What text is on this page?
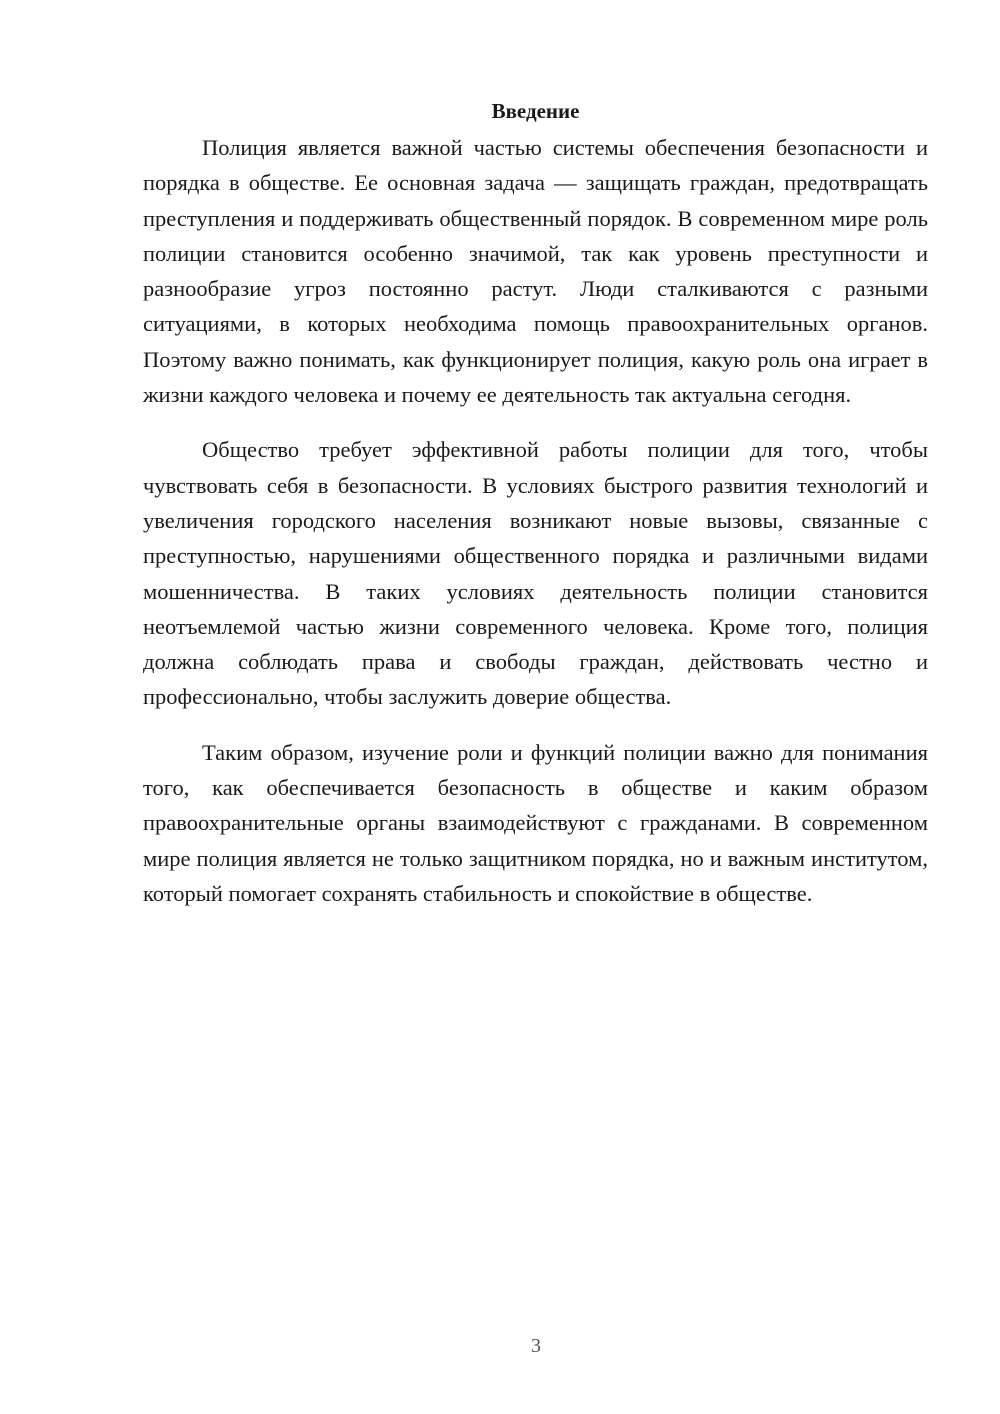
Введение

Полиция является важной частью системы обеспечения безопасности и порядка в обществе. Ее основная задача — защищать граждан, предотвращать преступления и поддерживать общественный порядок. В современном мире роль полиции становится особенно значимой, так как уровень преступности и разнообразие угроз постоянно растут. Люди сталкиваются с разными ситуациями, в которых необходима помощь правоохранительных органов. Поэтому важно понимать, как функционирует полиция, какую роль она играет в жизни каждого человека и почему ее деятельность так актуальна сегодня.

Общество требует эффективной работы полиции для того, чтобы чувствовать себя в безопасности. В условиях быстрого развития технологий и увеличения городского населения возникают новые вызовы, связанные с преступностью, нарушениями общественного порядка и различными видами мошенничества. В таких условиях деятельность полиции становится неотъемлемой частью жизни современного человека. Кроме того, полиция должна соблюдать права и свободы граждан, действовать честно и профессионально, чтобы заслужить доверие общества.

Таким образом, изучение роли и функций полиции важно для понимания того, как обеспечивается безопасность в обществе и каким образом правоохранительные органы взаимодействуют с гражданами. В современном мире полиция является не только защитником порядка, но и важным институтом, который помогает сохранять стабильность и спокойствие в обществе.

3
